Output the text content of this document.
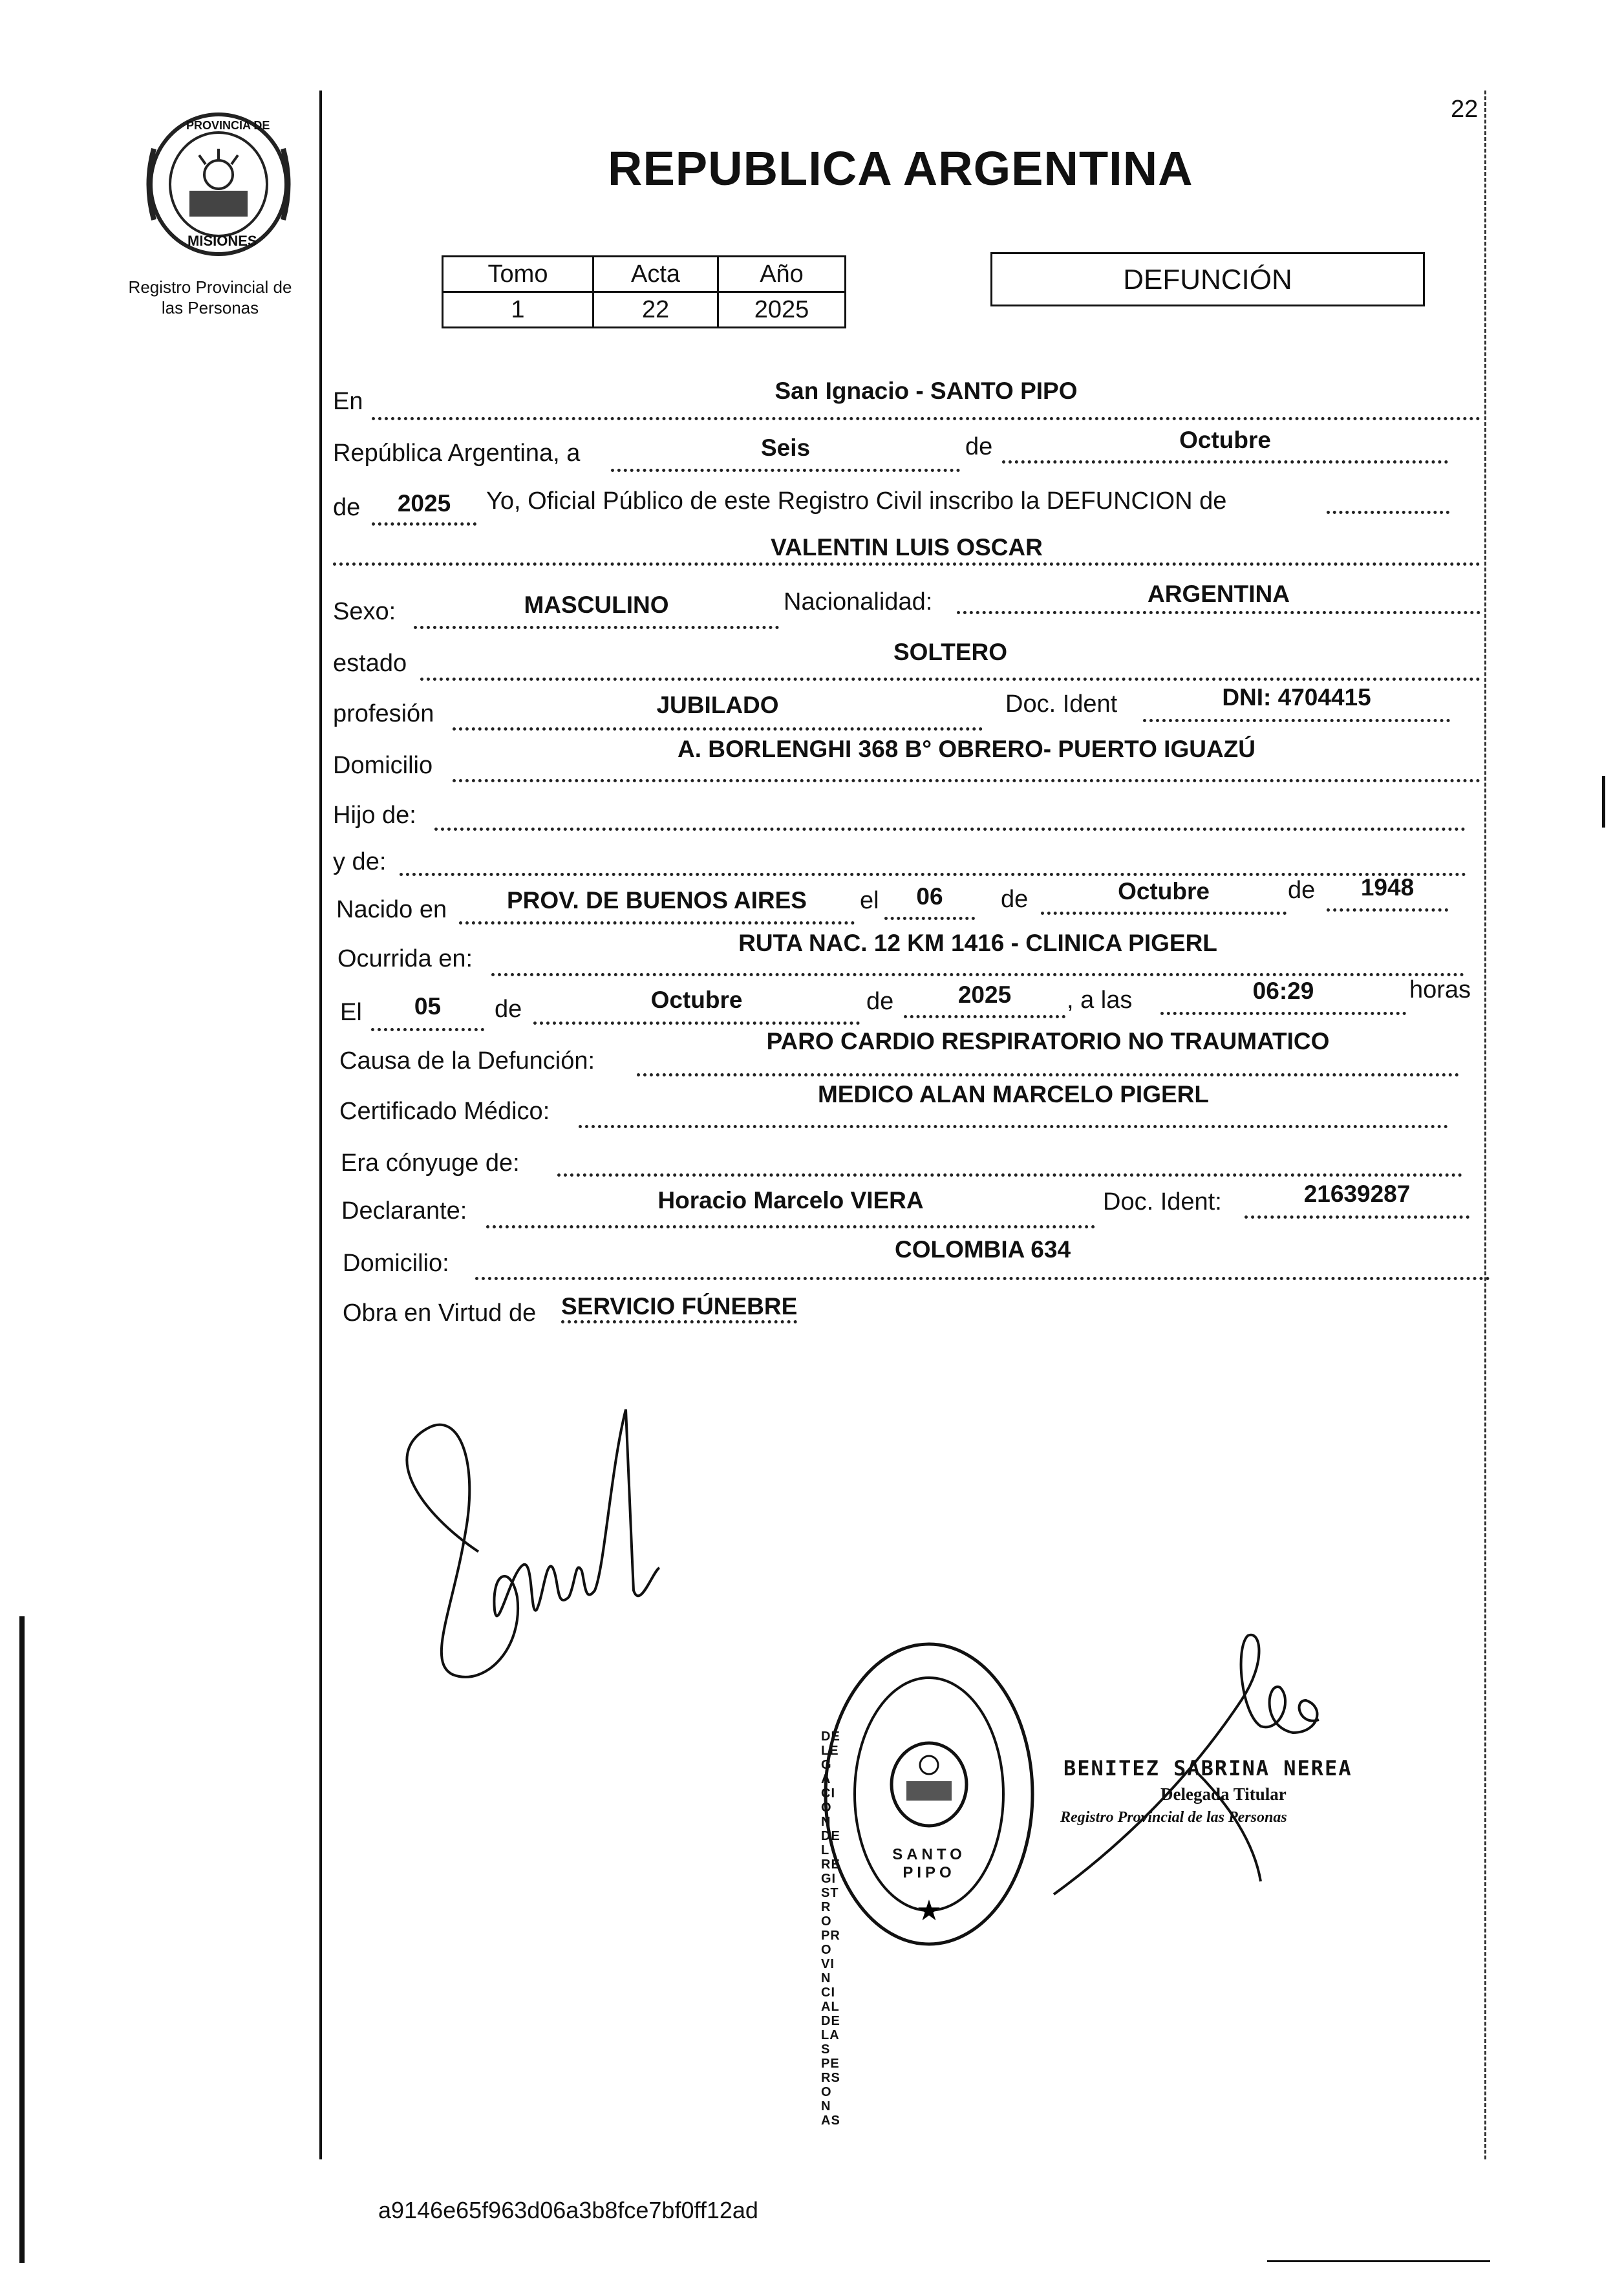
PROVINCIA DE
MISIONES
Registro Provincial de
las Personas
22
REPUBLICA ARGENTINA
Tomo	Acta	Año
1	22	2025
DEFUNCIÓN
En	San Ignacio - SANTO PIPO
República Argentina, a	Seis	de	Octubre
de	2025	Yo, Oficial Público de este Registro Civil inscribo la DEFUNCION de
VALENTIN LUIS OSCAR
Sexo:	MASCULINO	Nacionalidad:	ARGENTINA
estado	SOLTERO
profesión	JUBILADO	Doc. Ident	DNI: 4704415
Domicilio
A. BORLENGHI 368 B° OBRERO- PUERTO IGUAZÚ
Hijo de:
y de:
Nacido en	PROV. DE BUENOS AIRES	el	06	de	Octubre	de	1948
Ocurrida en:
RUTA NAC. 12 KM 1416 - CLINICA PIGERL
El	05	de	Octubre	de	2025	, a las	06:29	horas
Causa de la Defunción:
PARO CARDIO RESPIRATORIO NO TRAUMATICO
Certificado Médico:
MEDICO ALAN MARCELO PIGERL
Era cónyuge de:
Declarante:	Horacio Marcelo VIERA	Doc. Ident:	21639287
Domicilio:
COLOMBIA 634
Obra en Virtud de SERVICIO FÚNEBRE
★
DELEGACION DEL REGISTRO PROVINCIAL DE LAS PERSONAS
SANTO PIPO
BENITEZ SABRINA NEREA
Delegada Titular
Registro Provincial de las Personas
a9146e65f963d06a3b8fce7bf0ff12ad
